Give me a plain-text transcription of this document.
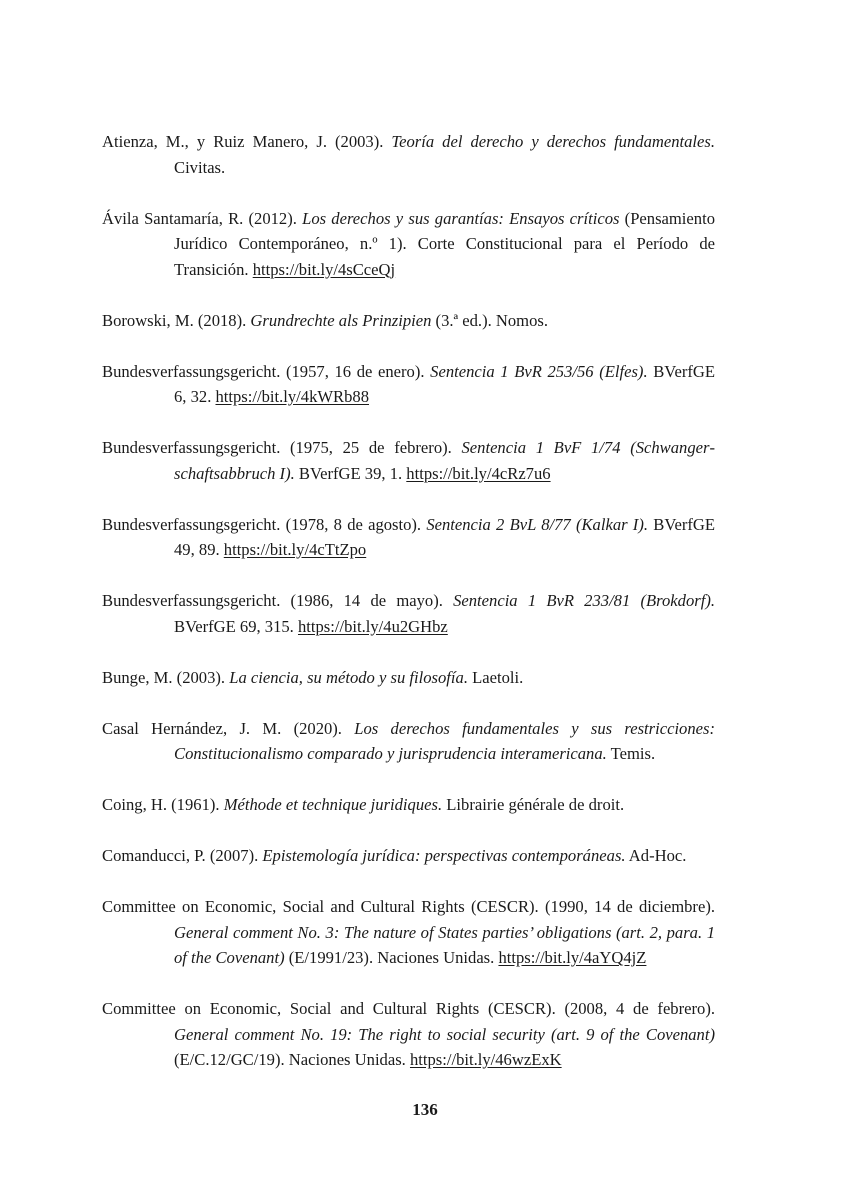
Atienza, M., y Ruiz Manero, J. (2003). Teoría del derecho y derechos fundamentales. Civitas.

Ávila Santamaría, R. (2012). Los derechos y sus garantías: Ensayos críticos (Pensamiento Jurídico Contemporáneo, n.º 1). Corte Constitucional para el Período de Transición. https://bit.ly/4sCceQj

Borowski, M. (2018). Grundrechte als Prinzipien (3.ª ed.). Nomos.

Bundesverfassungsgericht. (1957, 16 de enero). Sentencia 1 BvR 253/56 (Elfes). BVerfGE 6, 32. https://bit.ly/4kWRb88

Bundesverfassungsgericht. (1975, 25 de febrero). Sentencia 1 BvF 1/74 (Schwangerschaftsabbruch I). BVerfGE 39, 1. https://bit.ly/4cRz7u6

Bundesverfassungsgericht. (1978, 8 de agosto). Sentencia 2 BvL 8/77 (Kalkar I). BVerfGE 49, 89. https://bit.ly/4cTtZpo

Bundesverfassungsgericht. (1986, 14 de mayo). Sentencia 1 BvR 233/81 (Brokdorf). BVerfGE 69, 315. https://bit.ly/4u2GHbz

Bunge, M. (2003). La ciencia, su método y su filosofía. Laetoli.

Casal Hernández, J. M. (2020). Los derechos fundamentales y sus restricciones: Constitucionalismo comparado y jurisprudencia interamericana. Temis.

Coing, H. (1961). Méthode et technique juridiques. Librairie générale de droit.

Comanducci, P. (2007). Epistemología jurídica: perspectivas contemporáneas. Ad-Hoc.

Committee on Economic, Social and Cultural Rights (CESCR). (1990, 14 de diciembre). General comment No. 3: The nature of States parties’ obligations (art. 2, para. 1 of the Covenant) (E/1991/23). Naciones Unidas. https://bit.ly/4aYQ4jZ

Committee on Economic, Social and Cultural Rights (CESCR). (2008, 4 de febrero). General comment No. 19: The right to social security (art. 9 of the Covenant) (E/C.12/GC/19). Naciones Unidas. https://bit.ly/46wzExK

136
